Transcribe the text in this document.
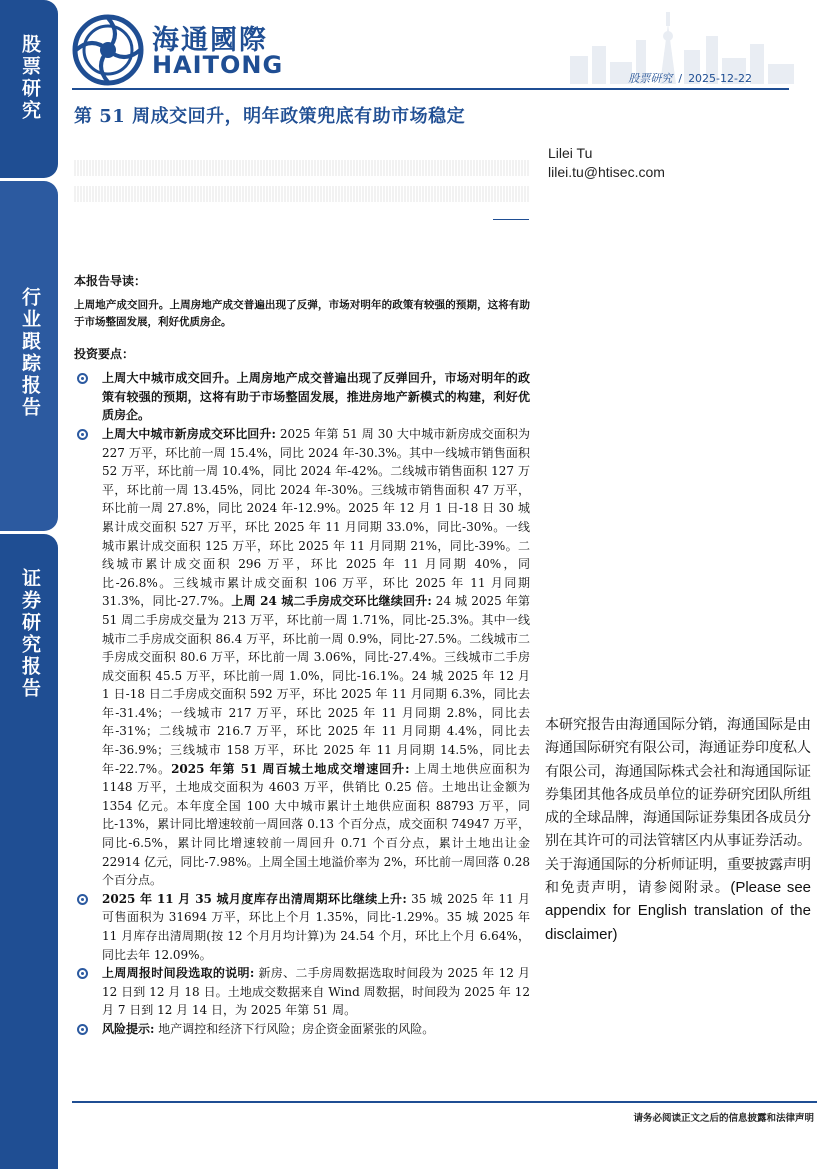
股票研究
行业跟踪报告
证券研究报告
海通國際
HAITONG	股票研究 / 2025-12-22
第 51 周成交回升，明年政策兜底有助市场稳定
Lilei Tu
lilei.tu@htisec.com
本报告导读：
上周地产成交回升。上周房地产成交普遍出现了反弹，市场对明年的政策有较强的预期，这将有助于市场整固发展，利好优质房企。
投资要点：
上周大中城市成交回升。上周房地产成交普遍出现了反弹回升，市场对明年的政策有较强的预期，这将有助于市场整固发展，推进房地产新模式的构建，利好优质房企。
上周大中城市新房成交环比回升: 2025 年第 51 周 30 大中城市新房成交面积为 227 万平，环比前一周 15.4%，同比 2024 年-30.3%。其中一线城市销售面积 52 万平，环比前一周 10.4%，同比 2024 年-42%。二线城市销售面积 127 万平，环比前一周 13.45%，同比 2024 年-30%。三线城市销售面积 47 万平，环比前一周 27.8%，同比 2024 年-12.9%。2025 年 12 月 1 日-18 日 30 城累计成交面积 527 万平，环比 2025 年 11 月同期 33.0%，同比-30%。一线城市累计成交面积 125 万平，环比 2025 年 11 月同期 21%，同比-39%。二线城市累计成交面积 296 万平，环比 2025 年 11 月同期 40%，同比-26.8%。三线城市累计成交面积 106 万平，环比 2025 年 11 月同期 31.3%，同比-27.7%。上周 24 城二手房成交环比继续回升: 24 城 2025 年第 51 周二手房成交量为 213 万平，环比前一周 1.71%，同比-25.3%。其中一线城市二手房成交面积 86.4 万平，环比前一周 0.9%，同比-27.5%。二线城市二手房成交面积 80.6 万平，环比前一周 3.06%，同比-27.4%。三线城市二手房成交面积 45.5 万平，环比前一周 1.0%，同比-16.1%。24 城 2025 年 12 月 1 日-18 日二手房成交面积 592 万平，环比 2025 年 11 月同期 6.3%，同比去年-31.4%；一线城市 217 万平，环比 2025 年 11 月同期 2.8%，同比去年-31%；二线城市 216.7 万平，环比 2025 年 11 月同期 4.4%，同比去年-36.9%；三线城市 158 万平，环比 2025 年 11 月同期 14.5%，同比去年-22.7%。2025 年第 51 周百城土地成交增速回升: 上周土地供应面积为 1148 万平，土地成交面积为 4603 万平，供销比 0.25 倍。土地出让金额为 1354 亿元。本年度全国 100 大中城市累计土地供应面积 88793 万平，同比-13%，累计同比增速较前一周回落 0.13 个百分点，成交面积 74947 万平，同比-6.5%，累计同比增速较前一周回升 0.71 个百分点，累计土地出让金 22914 亿元，同比-7.98%。上周全国土地溢价率为 2%，环比前一周回落 0.28 个百分点。
2025 年 11 月 35 城月度库存出清周期环比继续上升: 35 城 2025 年 11 月可售面积为 31694 万平，环比上个月 1.35%，同比-1.29%。35 城 2025 年 11 月库存出清周期(按 12 个月月均计算)为 24.54 个月，环比上个月 6.64%，同比去年 12.09%。
上周周报时间段选取的说明: 新房、二手房周数据选取时间段为 2025 年 12 月 12 日到 12 月 18 日。土地成交数据来自 Wind 周数据，时间段为 2025 年 12 月 7 日到 12 月 14 日，为 2025 年第 51 周。
风险提示: 地产调控和经济下行风险；房企资金面紧张的风险。
本研究报告由海通国际分销，海通国际是由海通国际研究有限公司，海通证券印度私人有限公司，海通国际株式会社和海通国际证券集团其他各成员单位的证券研究团队所组成的全球品牌，海通国际证券集团各成员分别在其许可的司法管辖区内从事证券活动。关于海通国际的分析师证明，重要披露声明和免责声明，请参阅附录。(Please see appendix for English translation of the disclaimer)
请务必阅读正文之后的信息披露和法律声明
